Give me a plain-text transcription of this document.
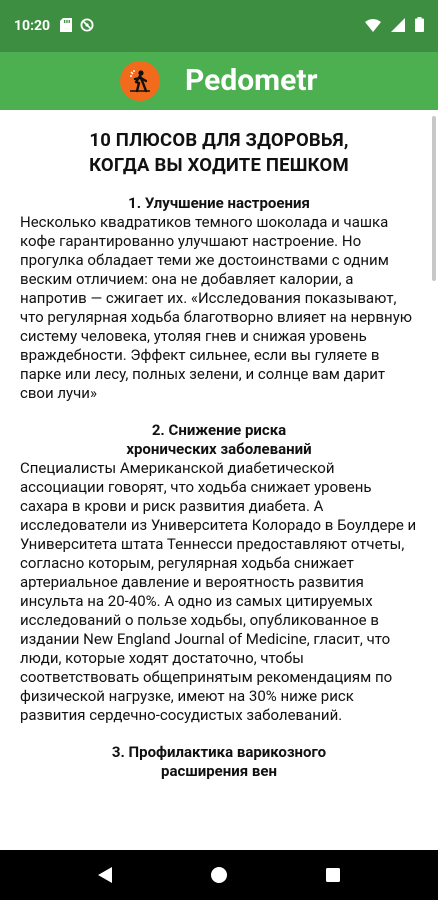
10:20
Pedometr
10 ПЛЮСОВ ДЛЯ ЗДОРОВЬЯ,
КОГДА ВЫ ХОДИТЕ ПЕШКОМ

1. Улучшение настроения

Несколько квадратиков темного шоколада и чашка кофе гарантированно улучшают настроение. Но прогулка обладает теми же достоинствами с одним веским отличием: она не добавляет калории, а напротив — сжигает их. «Исследования показывают, что регулярная ходьба благотворно влияет на нервную систему человека, утоляя гнев и снижая уровень враждебности. Эффект сильнее, если вы гуляете в парке или лесу, полных зелени, и солнце вам дарит свои лучи»

2. Снижение риска
хронических заболеваний

Специалисты Американской диабетической ассоциации говорят, что ходьба снижает уровень сахара в крови и риск развития диабета. А исследователи из Университета Колорадо в Боулдере и Университета штата Теннесси предоставляют отчеты, согласно которым, регулярная ходьба снижает артериальное давление и вероятность развития инсульта на 20-40%. А одно из самых цитируемых исследований о пользе ходьбы, опубликованное в издании New England Journal of Medicine, гласит, что люди, которые ходят достаточно, чтобы соответствовать общепринятым рекомендациям по физической нагрузке, имеют на 30% ниже риск развития сердечно-сосудистых заболеваний.

3. Профилактика варикозного
расширения вен
